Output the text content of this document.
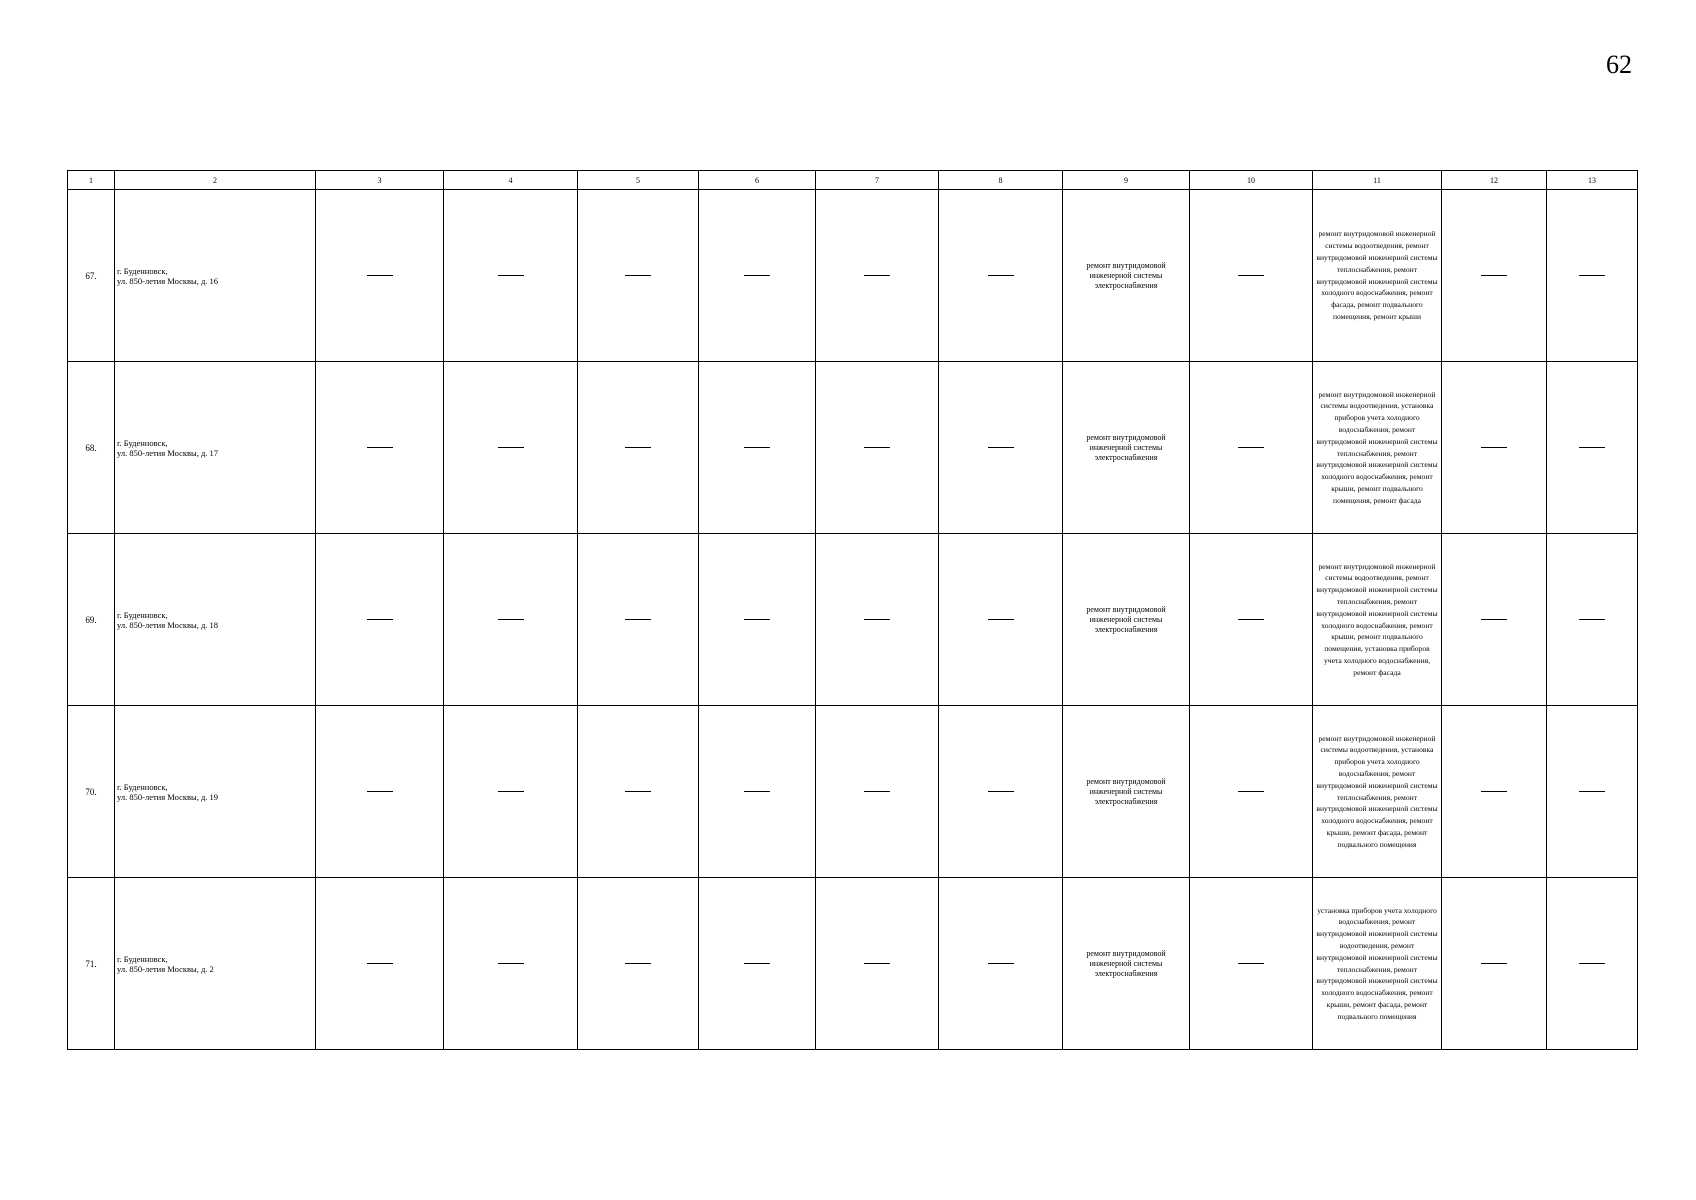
62
1	2	3	4	5	6	7	8	9	10	11	12	13
67.	г. Буденновск,
ул. 850-летия Москвы, д. 16							ремонт внутридомовой инженерной системы электроснабжения		ремонт внутридомовой инженерной системы водоотведения, ремонт внутридомовой инженерной системы теплоснабжения, ремонт внутридомовой инженерной системы холодного водоснабжения, ремонт фасада, ремонт подвального помещения, ремонт крыши		
68.	г. Буденновск,
ул. 850-летия Москвы, д. 17							ремонт внутридомовой инженерной системы электроснабжения		ремонт внутридомовой инженерной системы водоотведения, установка приборов учета холодного водоснабжения, ремонт внутридомовой инженерной системы теплоснабжения, ремонт внутридомовой инженерной системы холодного водоснабжения, ремонт крыши, ремонт подвального помещения, ремонт фасада		
69.	г. Буденновск,
ул. 850-летия Москвы, д. 18							ремонт внутридомовой инженерной системы электроснабжения		ремонт внутридомовой инженерной системы водоотведения, ремонт внутридомовой инженерной системы теплоснабжения, ремонт внутридомовой инженерной системы холодного водоснабжения, ремонт крыши, ремонт подвального помещения, установка приборов учета холодного водоснабжения, ремонт фасада		
70.	г. Буденновск,
ул. 850-летия Москвы, д. 19							ремонт внутридомовой инженерной системы электроснабжения		ремонт внутридомовой инженерной системы водоотведения, установка приборов учета холодного водоснабжения, ремонт внутридомовой инженерной системы теплоснабжения, ремонт внутридомовой инженерной системы холодного водоснабжения, ремонт крыши, ремонт фасада, ремонт подвального помещения		
71.	г. Буденновск,
ул. 850-летия Москвы, д. 2							ремонт внутридомовой инженерной системы электроснабжения		установка приборов учета холодного водоснабжения, ремонт внутридомовой инженерной системы водоотведения, ремонт внутридомовой инженерной системы теплоснабжения, ремонт внутридомовой инженерной системы холодного водоснабжения, ремонт крыши, ремонт фасада, ремонт подвального помещения		
